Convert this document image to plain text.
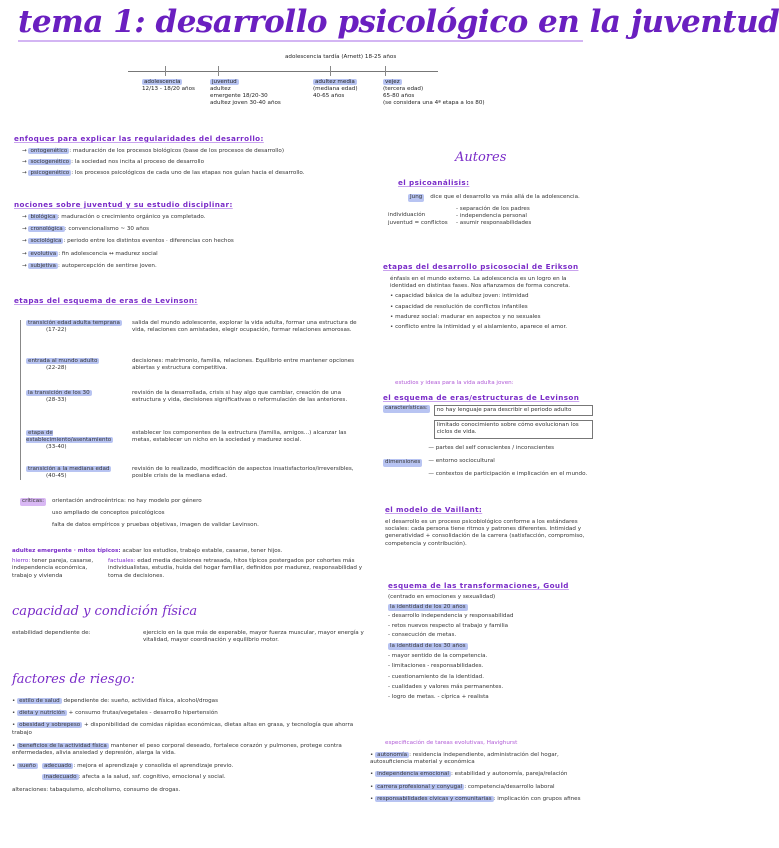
tema 1: desarrollo psicológico en la juventud
adolescencia tardía (Arnett) 18-25 años
adolescencia
12/13 - 18/20 años
juventud
adultez
emergente 18/20-30
adultez joven 30-40 años
adultez media
(mediana edad)
40-65 años
vejez
(tercera edad)
65-80 años
(se considera una 4ª etapa a los 80)
enfoques para explicar las regularidades del desarrollo:
→ ontogenético : maduración de los procesos biológicos (base de los procesos de desarrollo)
→ sociogenético : la sociedad nos incita al proceso de desarrollo
→ psicogenético : los procesos psicológicos de cada uno de las etapas nos guían hacia el desarrollo.
nociones sobre juventud y su estudio disciplinar:
→ biológica : maduración o crecimiento orgánico ya completado.
→ cronológica : convencionalismo ~ 30 años
→ sociológica : periodo entre los distintos eventos · diferencias con hechos
→ evolutiva : fin adolescencia ↔ madurez social
→ subjetiva : autopercepción de sentirse joven.
etapas del esquema de eras de Levinson:
transición edad adulta temprana
(17-22)
salida del mundo adolescente, explorar la vida adulta, formar una estructura de vida, relaciones con amistades, elegir ocupación, formar relaciones amorosas.
entrada al mundo adulto
(22-28)
decisiones: matrimonio, familia, relaciones. Equilibrio entre mantener opciones abiertas y estructura competitiva.
la transición de los 30
(28-33)
revisión de la desarrollada, crisis si hay algo que cambiar, creación de una estructura y vida, decisiones significativas o reformulación de las anteriores.
etapa de establecimiento/asentamiento
(33-40)
establecer los componentes de la estructura (familia, amigos...) alcanzar las metas, establecer un nicho en la sociedad y madurez social.
transición a la mediana edad
(40-45)
revisión de lo realizado, modificación de aspectos insatisfactorios/irreversibles, posible crisis de la mediana edad.
críticas:	orientación androcéntrica: no hay modelo por género
uso ampliado de conceptos psicológicos
falta de datos empíricos y pruebas objetivas, imagen de validar Levinson.
adultez emergente · mitos típicos: acabar los estudios, trabajo estable, casarse, tener hijos.
hierro: tener pareja, casarse, independencia económica, trabajo y vivienda
factuales: edad media decisiones retrasada, hitos típicos postergados por cohortes más individualistas, estudia, huida del hogar familiar, definidos por madurez, responsabilidad y toma de decisiones.
capacidad y condición física
estabilidad dependiente de:	ejercicio en la que más de esperable, mayor fuerza muscular, mayor energía y vitalidad, mayor coordinación y equilibrio motor.
factores de riesgo:
• estilo de salud dependiente de: sueño, actividad física, alcohol/drogas
• dieta y nutrición + consumo frutas/vegetales - desarrollo hipertensión
• obesidad y sobrepeso + disponibilidad de comidas rápidas económicas, dietas altas en grasa, y tecnología que ahorra trabajo
• beneficios de la actividad física mantener el peso corporal deseado, fortalece corazón y pulmones, protege contra enfermedades, alivia ansiedad y depresión, alarga la vida.
• sueño	adecuado : mejora el aprendizaje y consolida el aprendizaje previo.
inadecuado : afecta a la salud, ssf. cognitivo, emocional y social.
alteraciones: tabaquismo, alcoholismo, consumo de drogas.
Autores
el psicoanálisis:
Jung	dice que el desarrollo va más allá de la adolescencia.
individuación
- separación de los padres
- independencia personal
- asumir responsabilidades
juventud = conflictos
etapas del desarrollo psicosocial de Erikson
énfasis en el mundo externo. La adolescencia es un logro en la identidad en distintas fases. Nos afianzamos de forma concreta.
• capacidad básica de la adultez joven: intimidad
• capacidad de resolución de conflictos infantiles
• madurez social: madurar en aspectos y no sexuales
• conflicto entre la intimidad y el aislamiento, aparece el amor.
estudios y ideas para la vida adulta joven:
el esquema de eras/estructuras de Levinson
características:	no hay lenguaje para describir el periodo adulto
limitado conocimiento sobre cómo evolucionan los ciclos de vida.
dimensiones
— partes del self conscientes / inconscientes
— entorno sociocultural
— contextos de participación e implicación en el mundo.
el modelo de Vaillant:
el desarrollo es un proceso psicobiológico conforme a los estándares sociales: cada persona tiene ritmos y patrones diferentes. Intimidad y generatividad + consolidación de la carrera (satisfacción, compromiso, competencia y contribución).
esquema de las transformaciones, Gould
(centrado en emociones y sexualidad)
la identidad de los 20 años
- desarrollo independencia y responsabilidad
- retos nuevos respecto al trabajo y familia
- consecución de metas.
la identidad de los 30 años
- mayor sentido de la competencia.
- limitaciones - responsabilidades.
- cuestionamiento de la identidad.
- cualidades y valores más permanentes.
- logro de metas. - cíprica + realista
especificación de tareas evolutivas, Havighurst
• autonomía : residencia independiente, administración del hogar, autosuficiencia material y económica
• independencia emocional : estabilidad y autonomía, pareja/relación
• carrera profesional y conyugal : competencia/desarrollo laboral
• responsabilidades cívicas y comunitarias : implicación con grupos afines
